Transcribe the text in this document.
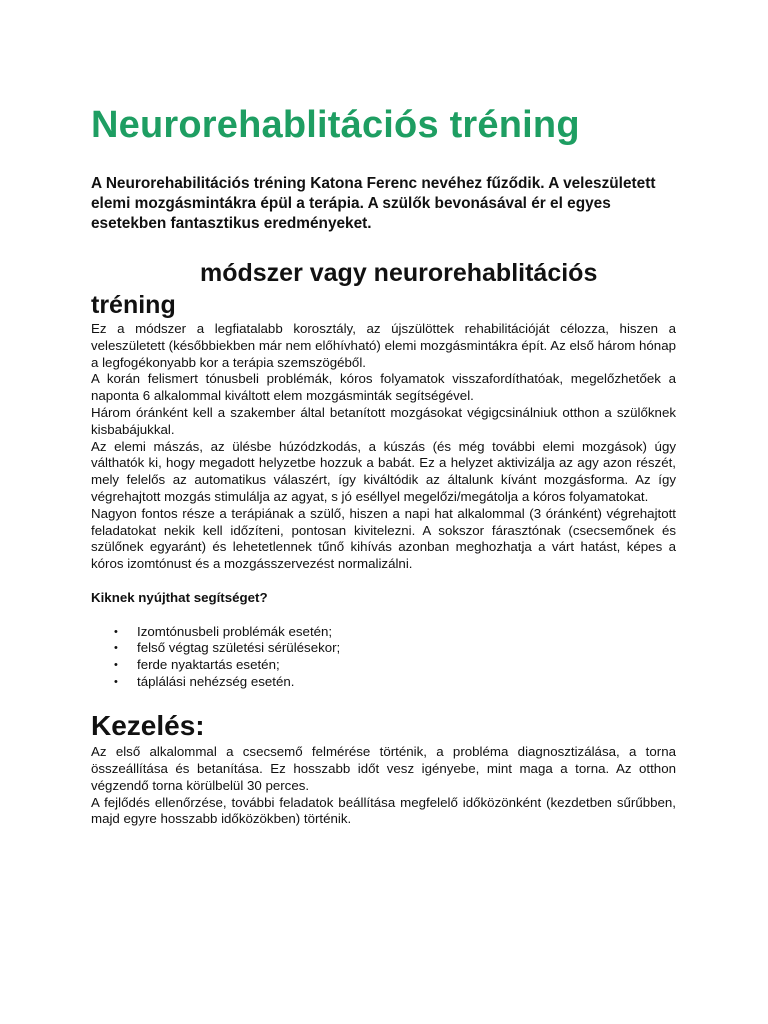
Neurorehablitációs tréning

A Neurorehabilitációs tréning Katona Ferenc nevéhez fűződik. A veleszületett elemi mozgásmintákra épül a terápia. A szülők bevonásával ér el egyes esetekben fantasztikus eredményeket.

módszer vagy neurorehablitációs tréning

Ez a módszer a legfiatalabb korosztály, az újszülöttek rehabilitációját célozza, hiszen a veleszületett (későbbiekben már nem előhívható) elemi mozgásmintákra épít. Az első három hónap a legfogékonyabb kor a terápia szemszögéből.

A korán felismert tónusbeli problémák, kóros folyamatok visszafordíthatóak, megelőzhetőek a naponta 6 alkalommal kiváltott elem mozgásminták segítségével.

Három óránként kell a szakember által betanított mozgásokat végigcsinálniuk otthon a szülőknek kisbabájukkal.

Az elemi mászás, az ülésbe húzódzkodás, a kúszás (és még további elemi mozgások) úgy válthatók ki, hogy megadott helyzetbe hozzuk a babát. Ez a helyzet aktivizálja az agy azon részét, mely felelős az automatikus válaszért, így kiváltódik az általunk kívánt mozgásforma. Az így végrehajtott mozgás stimulálja az agyat, s jó eséllyel megelőzi/megátolja a kóros folyamatokat.

Nagyon fontos része a terápiának a szülő, hiszen a napi hat alkalommal (3 óránként) végrehajtott feladatokat nekik kell időzíteni, pontosan kivitelezni. A sokszor fárasztónak (csecsemőnek és szülőnek egyaránt) és lehetetlennek tűnő kihívás azonban meghozhatja a várt hatást, képes a kóros izomtónust és a mozgásszervezést normalizálni.

Kiknek nyújthat segítséget?
• Izomtónusbeli problémák esetén;
• felső végtag születési sérülésekor;
• ferde nyaktartás esetén;
• táplálási nehézség esetén.
Kezelés:

Az első alkalommal a csecsemő felmérése történik, a probléma diagnosztizálása, a torna összeállítása és betanítása. Ez hosszabb időt vesz igényebe, mint maga a torna. Az otthon végzendő torna körülbelül 30 perces.

A fejlődés ellenőrzése, további feladatok beállítása megfelelő időközönként (kezdetben sűrűbben, majd egyre hosszabb időközökben) történik.
